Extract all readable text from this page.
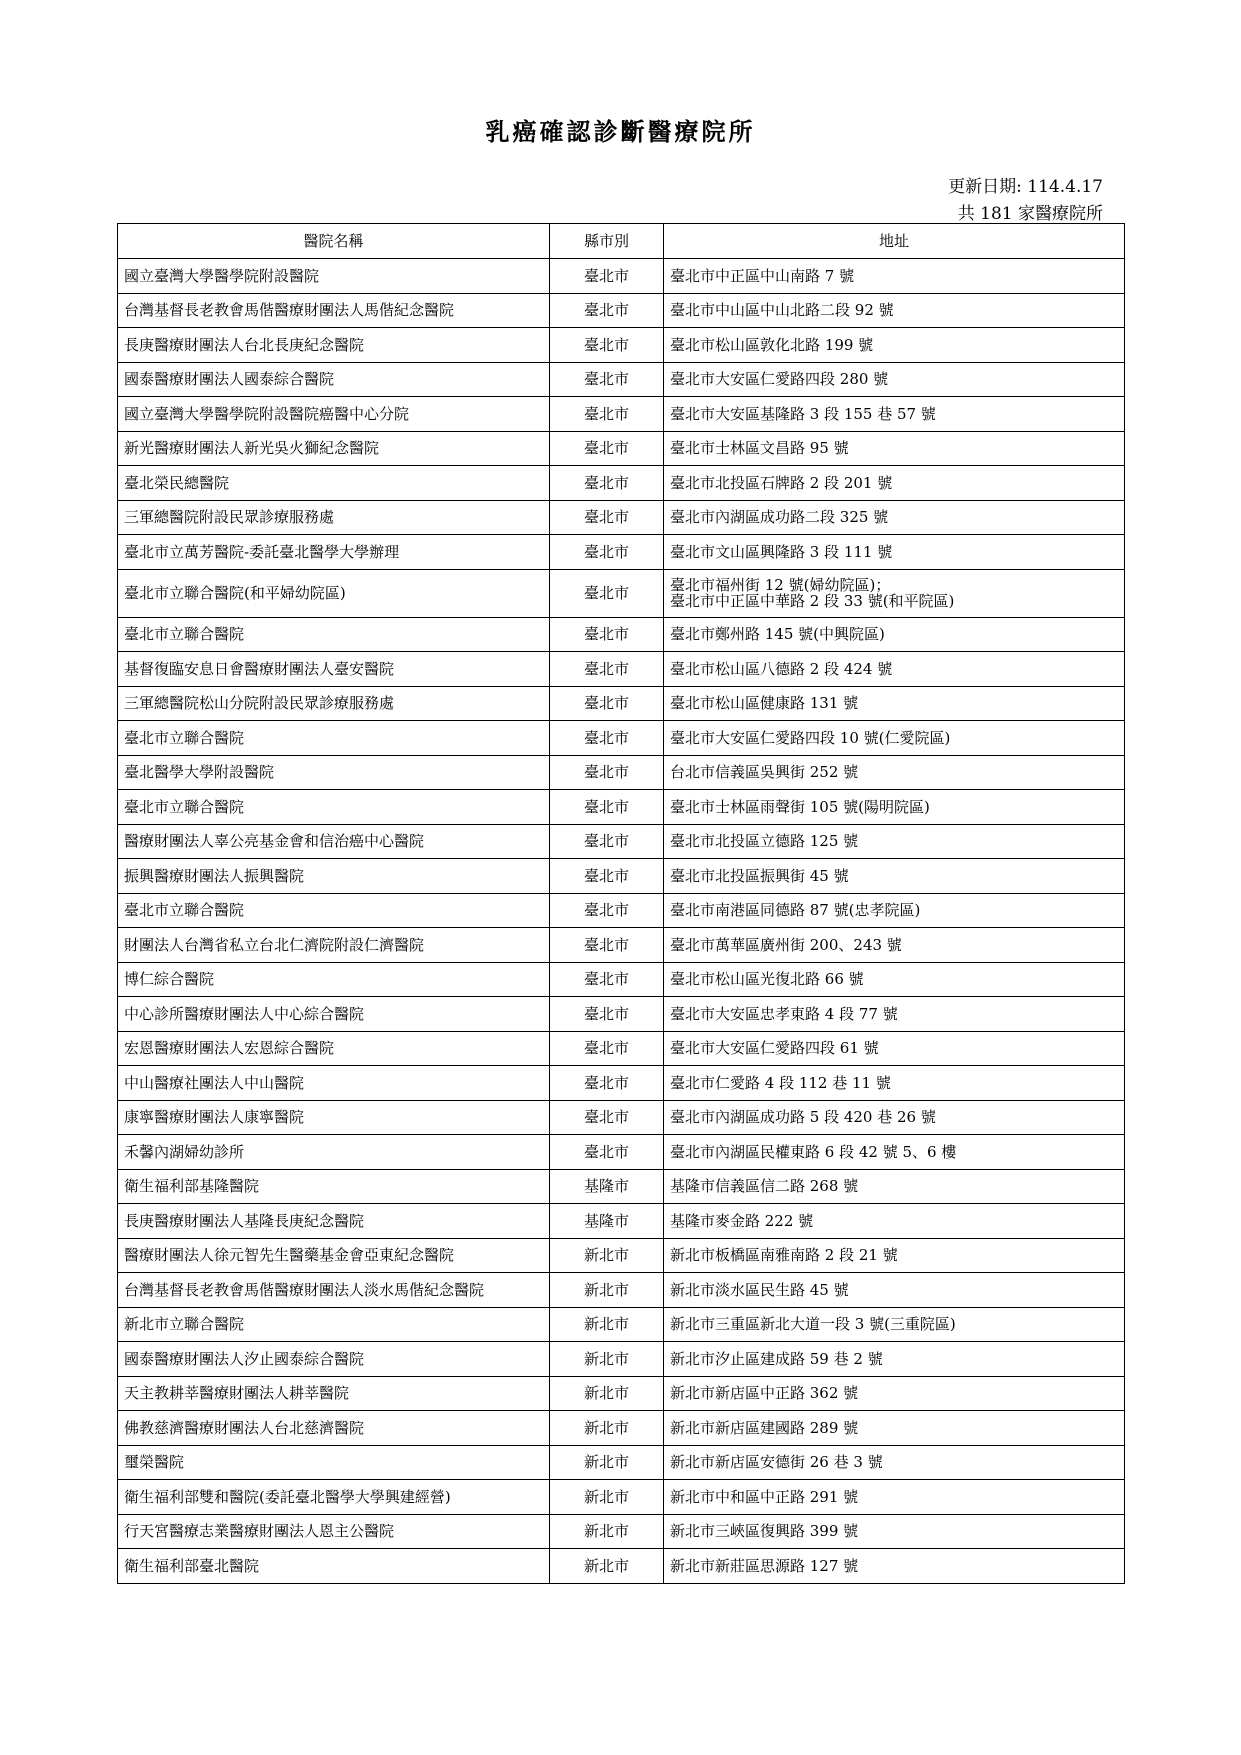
乳癌確認診斷醫療院所
更新日期: 114.4.17
共 181 家醫療院所
醫院名稱	縣市別	地址
國立臺灣大學醫學院附設醫院	臺北市	臺北市中正區中山南路 7 號
台灣基督長老教會馬偕醫療財團法人馬偕紀念醫院	臺北市	臺北市中山區中山北路二段 92 號
長庚醫療財團法人台北長庚紀念醫院	臺北市	臺北市松山區敦化北路 199 號
國泰醫療財團法人國泰綜合醫院	臺北市	臺北市大安區仁愛路四段 280 號
國立臺灣大學醫學院附設醫院癌醫中心分院	臺北市	臺北市大安區基隆路 3 段 155 巷 57 號
新光醫療財團法人新光吳火獅紀念醫院	臺北市	臺北市士林區文昌路 95 號
臺北榮民總醫院	臺北市	臺北市北投區石牌路 2 段 201 號
三軍總醫院附設民眾診療服務處	臺北市	臺北市內湖區成功路二段 325 號
臺北市立萬芳醫院-委託臺北醫學大學辦理	臺北市	臺北市文山區興隆路 3 段 111 號
臺北市立聯合醫院(和平婦幼院區)	臺北市	臺北市福州街 12 號(婦幼院區)；
臺北市中正區中華路 2 段 33 號(和平院區)
臺北市立聯合醫院	臺北市	臺北市鄭州路 145 號(中興院區)
基督復臨安息日會醫療財團法人臺安醫院	臺北市	臺北市松山區八德路 2 段 424 號
三軍總醫院松山分院附設民眾診療服務處	臺北市	臺北市松山區健康路 131 號
臺北市立聯合醫院	臺北市	臺北市大安區仁愛路四段 10 號(仁愛院區)
臺北醫學大學附設醫院	臺北市	台北市信義區吳興街 252 號
臺北市立聯合醫院	臺北市	臺北市士林區雨聲街 105 號(陽明院區)
醫療財團法人辜公亮基金會和信治癌中心醫院	臺北市	臺北市北投區立德路 125 號
振興醫療財團法人振興醫院	臺北市	臺北市北投區振興街 45 號
臺北市立聯合醫院	臺北市	臺北市南港區同德路 87 號(忠孝院區)
財團法人台灣省私立台北仁濟院附設仁濟醫院	臺北市	臺北市萬華區廣州街 200、243 號
博仁綜合醫院	臺北市	臺北市松山區光復北路 66 號
中心診所醫療財團法人中心綜合醫院	臺北市	臺北市大安區忠孝東路 4 段 77 號
宏恩醫療財團法人宏恩綜合醫院	臺北市	臺北市大安區仁愛路四段 61 號
中山醫療社團法人中山醫院	臺北市	臺北市仁愛路 4 段 112 巷 11 號
康寧醫療財團法人康寧醫院	臺北市	臺北市內湖區成功路 5 段 420 巷 26 號
禾馨內湖婦幼診所	臺北市	臺北市內湖區民權東路 6 段 42 號 5、6 樓
衛生福利部基隆醫院	基隆市	基隆市信義區信二路 268 號
長庚醫療財團法人基隆長庚紀念醫院	基隆市	基隆市麥金路 222 號
醫療財團法人徐元智先生醫藥基金會亞東紀念醫院	新北市	新北市板橋區南雅南路 2 段 21 號
台灣基督長老教會馬偕醫療財團法人淡水馬偕紀念醫院	新北市	新北市淡水區民生路 45 號
新北市立聯合醫院	新北市	新北市三重區新北大道一段 3 號(三重院區)
國泰醫療財團法人汐止國泰綜合醫院	新北市	新北市汐止區建成路 59 巷 2 號
天主教耕莘醫療財團法人耕莘醫院	新北市	新北市新店區中正路 362 號
佛教慈濟醫療財團法人台北慈濟醫院	新北市	新北市新店區建國路 289 號
璽榮醫院	新北市	新北市新店區安德街 26 巷 3 號
衛生福利部雙和醫院(委託臺北醫學大學興建經營)	新北市	新北市中和區中正路 291 號
行天宮醫療志業醫療財團法人恩主公醫院	新北市	新北市三峽區復興路 399 號
衛生福利部臺北醫院	新北市	新北市新莊區思源路 127 號
